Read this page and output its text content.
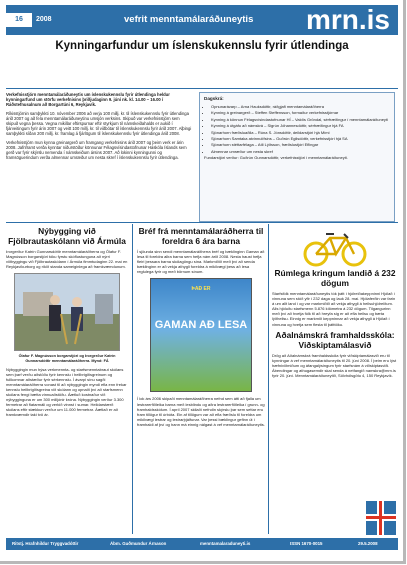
16	2008	vefrit menntamálaráðuneytis mrn.is
Kynningarfundur um íslenskukennslu fyrir útlendinga

Verkefnisstjórn menntamálaráðuneytis um íslenskukennslu fyrir útlendinga heldur kynningarfund um störfu verkefnisins þriðjudaginn 9. júní nk. kl. 14.00 – 16.00 í Ráðstefnusalnum að Borgartúni 6, Reykjavík.

Ríkisstjórnin samþykkti 10. nóvember 2006 að verja 100 millj. kr. til íslenskukennslu fyrir útlendinga árið 2007 og að fela menntamálaráðuneytinu umsjón verksins. Skipuð var verkefnisstjórn sem skipuð vegna þessa. Vegna mikillar eftirspurnar eftir styrkjum til námskeiðahalds er aukið í fjárveitingum fyrir árin 2007 og veitt 100 millj. kr. til viðbótar til íslenskukennslu fyrir árið 2007. Alþingi samþykkti síðan 200 millj. kr. framlag á fjárlögum til íslenskukennslu fyrir útlendinga árið 2008.

Verkefnisstjórn mun kynna greinargerð um framgang verkefnisins árið 2007 og þeim verk er árin 2008. Jafnframt verða kynntar niðurstöður könnunar Félagsvísindastofnunar Háskóla Íslands sem gerð var fyrir skýrslu nemenda í námskeiðum ársins 2007. Að lokinni kynningunni og framsöguerindum verða almennar umræður um nesta skref í íslenskukennslu fyrir útlendinga.

Dagskrá:
• Opnunarávarp – Arna Hauksdóttir, ráðgjafi menntamálaráðherra
• Kynning á greinargerð – Steffen Steffensson, formaður verkefnisstjórnar
• Kynning á könnun Félagsvísindastofnunar HÍ – Valdís Gröndal, sérfræðingur í menntamálaráðuneyti
• Kynning á útgáfu að námskrá – Sigrún Jóhannesdóttir, sérfræðingur hjá FA
• Sjónarhorn fræðsluaðila – Rúna S. Jónsdóttir, deildarstjóri hjá Mími
• Sjónarhorn Samtaka atvinnulífsins – Guðrún Egilsdóttir, verkefnisstjóri hjá SA
• Sjónarhorn stéttarfélaga – Atli Lýðsson, fræðslustjóri Eflingar
• Almennar umræður um nesta skref
Fundarstjóri verður: Guðrún Gunnarsdóttir, verkefnisstjóri í menntamálaráðuneyti.
Nýbygging við Fjölbrautaskólann við Ármúla

Þorgerður Katrín Gunnarsdóttir menntamálaráðherra og Ólafur F. Magnússon borgarstjóri tóku fyrstu skóflustunguna að nýrri viðbyggingu við Fjölbrautaskólann í Ármúla fimmtudaginn 22. maí en Reykjavíkurborg og ríkið standa sameiginlega að framkvæmdunum.

Ólafur F. Magnússon borgarstjóri og Þorgerður Katrín Gunnarsdóttir menntamálaráðherra. Mynd: FÁ

Nýbyggingin mun hýsa verkmennta- og starfsmenntabraut skólans sem þarf verðu aðstöðu fyrir kennslu í heilbrigðisgreinum og fullkomnar aðstæður fyrir sérkennslu. Í ávarpi sínu sagði menntamálaráðherra vonast til að nýbyggingin myndi efla enn frekar kennslu heilbrigðisgreina við skólann og opnaði því að starfsmenn skólans fengi bætta vinnuaðstöðu. Áætluð kostnaður við nýbygginguna er um 300 milljónir króna. Nýbyggingin verður 3.300 fermetrar að flatarmáli og verkið vinnst í sumar. Heildarstærð skólans eftir stækkun verður um 11.000 fermetrar. Áætlað er að framkvæmdir taki tvö ár.

Bréf frá menntamálaráðherra til foreldra 6 ára barna

Í sjöunda sinn sendi menntamálaráðherra bréf og bæklinginn Gaman að lesa til foreldra allra barna sem hefja nám árið 2008. Nesta haust hefja fleiri þessara barna skólagöngu sína. Markmiðið með því að senda bæklinginn er að vekja athygli foreldra á mikilvægi þess að lesa reglulega fyrir og með börnum sínum.

ÞAÐ ER
GAMAN AÐ LESA

Í lok árs 2006 skipaði menntamálaráðherra nefnd sem átti að fjalla um lestrarerfiðleika barna með lesblindu og aðra lestrarerfiðleika í grunn- og framhaldsskólum. Í apríl 2007 skilaði nefndin skýrslu þar sem settar eru fram tillögur til úrbóta. Ein af tillögum var að efla fræðslu til foreldra um mikilvægi lestrar og lestrarþjálfunar. Var þessi bæklingur gefinn út í framhaldi af því og hann má einnig nálgast á vef menntamálaráðuneytis.

Rúmlega kringum landið á 232 dögum

Starfsfólk menntamálaráðuneytis tók þátt í hjólreiðakeppninni Hjólað í vinnuna sem stóð yfir í 232 daga og lauk 28. maí. Hjólaferðin var farin á um allt land í og var markmiðið að vekja athygli á heilsuhjólreiðum. Alls hjóluðu starfsmenn 5.876 kílómetra á 232 dögum. Tilgangurinn með því að hvetja fólk til að hreyfa sig er að efla heilsu og bæta lýðheilsu. Einnig er markmið keppninnar að vekja athygli á Hjólað í vinnuna og hvetja sem flesta til þátttöku.

Aðalnámskrá framhaldsskóla: Viðskiptamálasvið

Drög að Aðalnámskrá framhaldsskóla fyrir viðskiptamálasvið eru til kynningar á vef menntamálaráðuneytis til 20. júní 2008. Í þeim eru lýst hæfniviðmiðum og áfangalýsingum fyrir starfsnám á viðskiptasviði. Ábendingar og athugasemdir skal senda á netfangið namskra@mrn.is fyrir 20. júní. Menntamálaráðuneytið, Sölvhólsgötu 4, 150 Reykjavík.

Ritstj. Hrafnhildur Tryggvadóttir	Ábm. Guðmundur Árnason	menntamalaraduneyti.is	ISSN 1670-0015	29.5.2008
